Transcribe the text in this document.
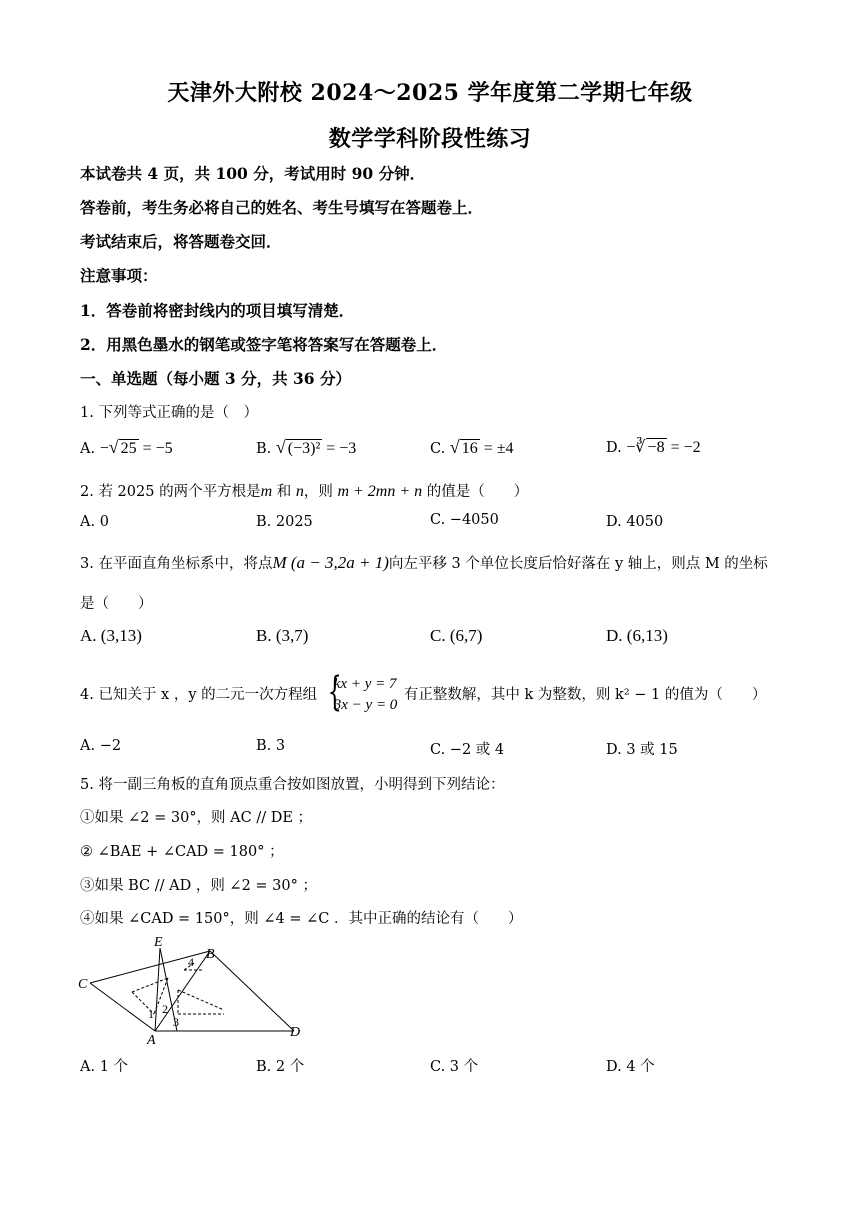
天津外大附校 2024～2025 学年度第二学期七年级
数学学科阶段性练习
本试卷共 4 页，共 100 分，考试用时 90 分钟．
答卷前，考生务必将自己的姓名、考生号填写在答题卷上．
考试结束后，将答题卷交回．
注意事项：
1．答卷前将密封线内的项目填写清楚．
2．用黑色墨水的钢笔或签字笔将答案写在答题卷上．
一、单选题（每小题 3 分，共 36 分）
1. 下列等式正确的是（　）
A. −√ 25 = −5	B. √ (−3)² = −3	C. √ 16 = ±4	D. −∛ −8 = −2
2. 若 2025 的两个平方根是m 和 n，则 m + 2mn + n 的值是（　　）
A. 0	B. 2025	C. −4050	D. 4050
3. 在平面直角坐标系中，将点M (a − 3,2a + 1)向左平移 3 个单位长度后恰好落在 y 轴上，则点 M 的坐标
是（　　）
A. (3,13)	B. (3,7)	C. (6,7)	D. (6,13)
4. 已知关于 x ，y 的二元一次方程组 {
kx + y = 7
3x − y = 0
有正整数解，其中 k 为整数，则 k² − 1 的值为（　　）
A. −2	B. 3	C. −2 或 4	D. 3 或 15
5. 将一副三角板的直角顶点重合按如图放置，小明得到下列结论：
①如果 ∠2 = 30°，则 AC // DE ；
② ∠BAE + ∠CAD = 180° ；
③如果 BC // AD ，则 ∠2 = 30° ；
④如果 ∠CAD = 150°，则 ∠4 = ∠C ．其中正确的结论有（　　）
C
E
B
A
D
1 2
3
4
A. 1 个	B. 2 个	C. 3 个	D. 4 个
